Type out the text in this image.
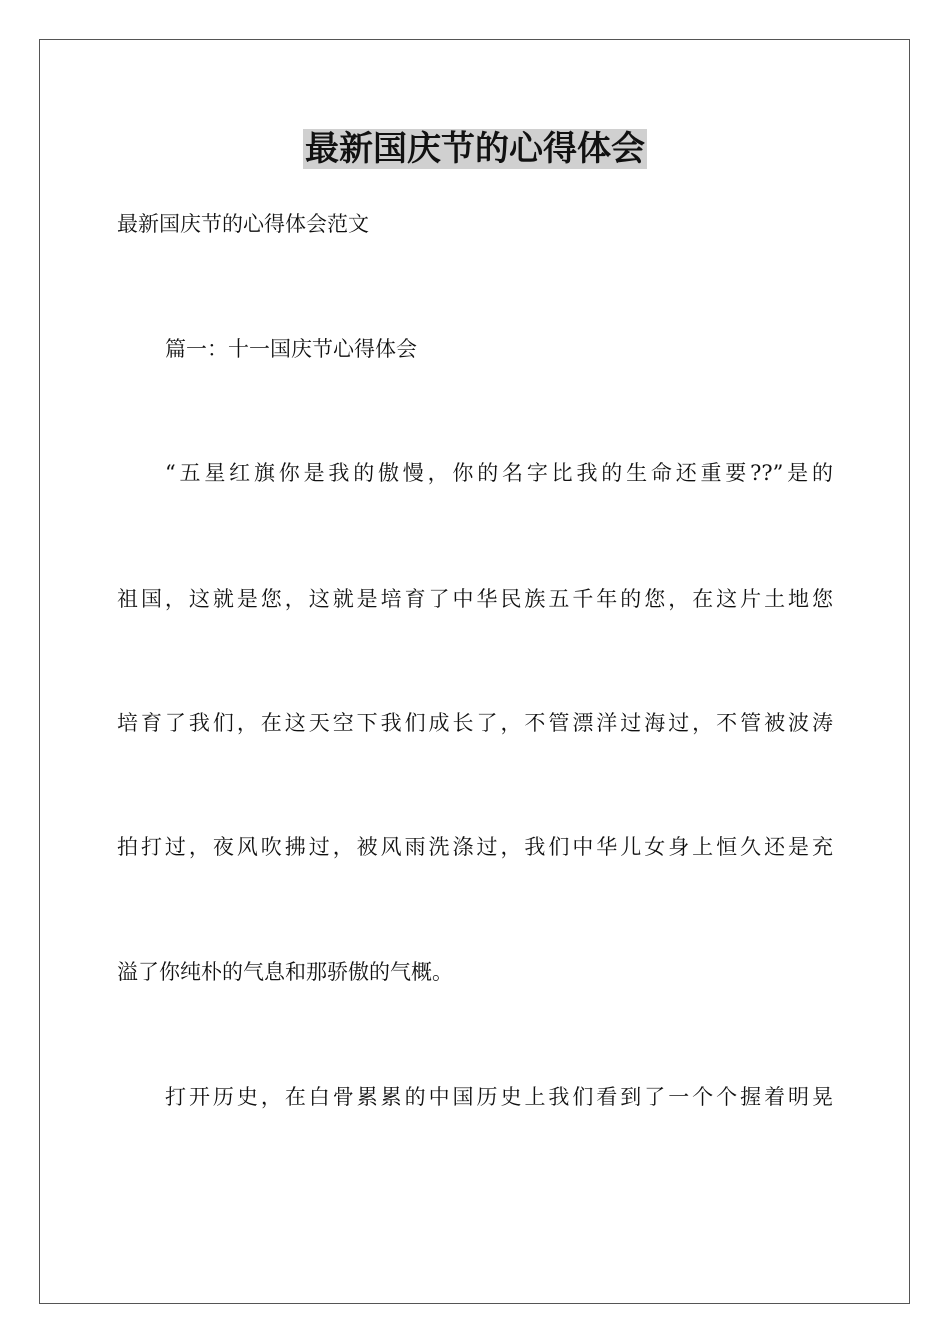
最新国庆节的心得体会

最新国庆节的心得体会范文

篇一：十一国庆节心得体会

“五星红旗你是我的傲慢，你的名字比我的生命还重要??”是的

祖国，这就是您，这就是培育了中华民族五千年的您，在这片土地您

培育了我们，在这天空下我们成长了，不管漂洋过海过，不管被波涛

拍打过，夜风吹拂过，被风雨洗涤过，我们中华儿女身上恒久还是充

溢了你纯朴的气息和那骄傲的气概。

打开历史，在白骨累累的中国历史上我们看到了一个个握着明晃
